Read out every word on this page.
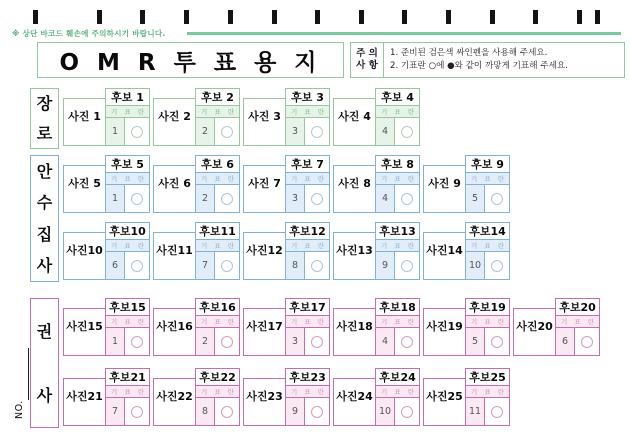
※ 상단 바코드 훼손에 주의하시기 바랍니다.
O M R 투 표 용 지	주 의
사 항
1. 준비된 검은색 싸인펜을 사용해 주세요.
2. 기표란 ○에 ●와 같이 까맣게 기표해 주세요.
장
로
사진 1
후보 1
기 표 란
1
사진 2
후보 2
기 표 란
2
사진 3
후보 3
기 표 란
3
사진 4
후보 4
기 표 란
4
안
수
집
사
사진 5
후보 5
기 표 란
1
사진 6
후보 6
기 표 란
2
사진 7
후보 7
기 표 란
3
사진 8
후보 8
기 표 란
4
사진 9
후보 9
기 표 란
5
사진10
후보10
기 표 란
6
사진11
후보11
기 표 란
7
사진12
후보12
기 표 란
8
사진13
후보13
기 표 란
9
사진14
후보14
기 표 란
10
권
사
사진15
후보15
기 표 란
1
사진16
후보16
기 표 란
2
사진17
후보17
기 표 란
3
사진18
후보18
기 표 란
4
사진19
후보19
기 표 란
5
사진20
후보20
기 표 란
6
사진21
후보21
기 표 란
7
사진22
후보22
기 표 란
8
사진23
후보23
기 표 란
9
사진24
후보24
기 표 란
10
사진25
후보25
기 표 란
11
NO.
